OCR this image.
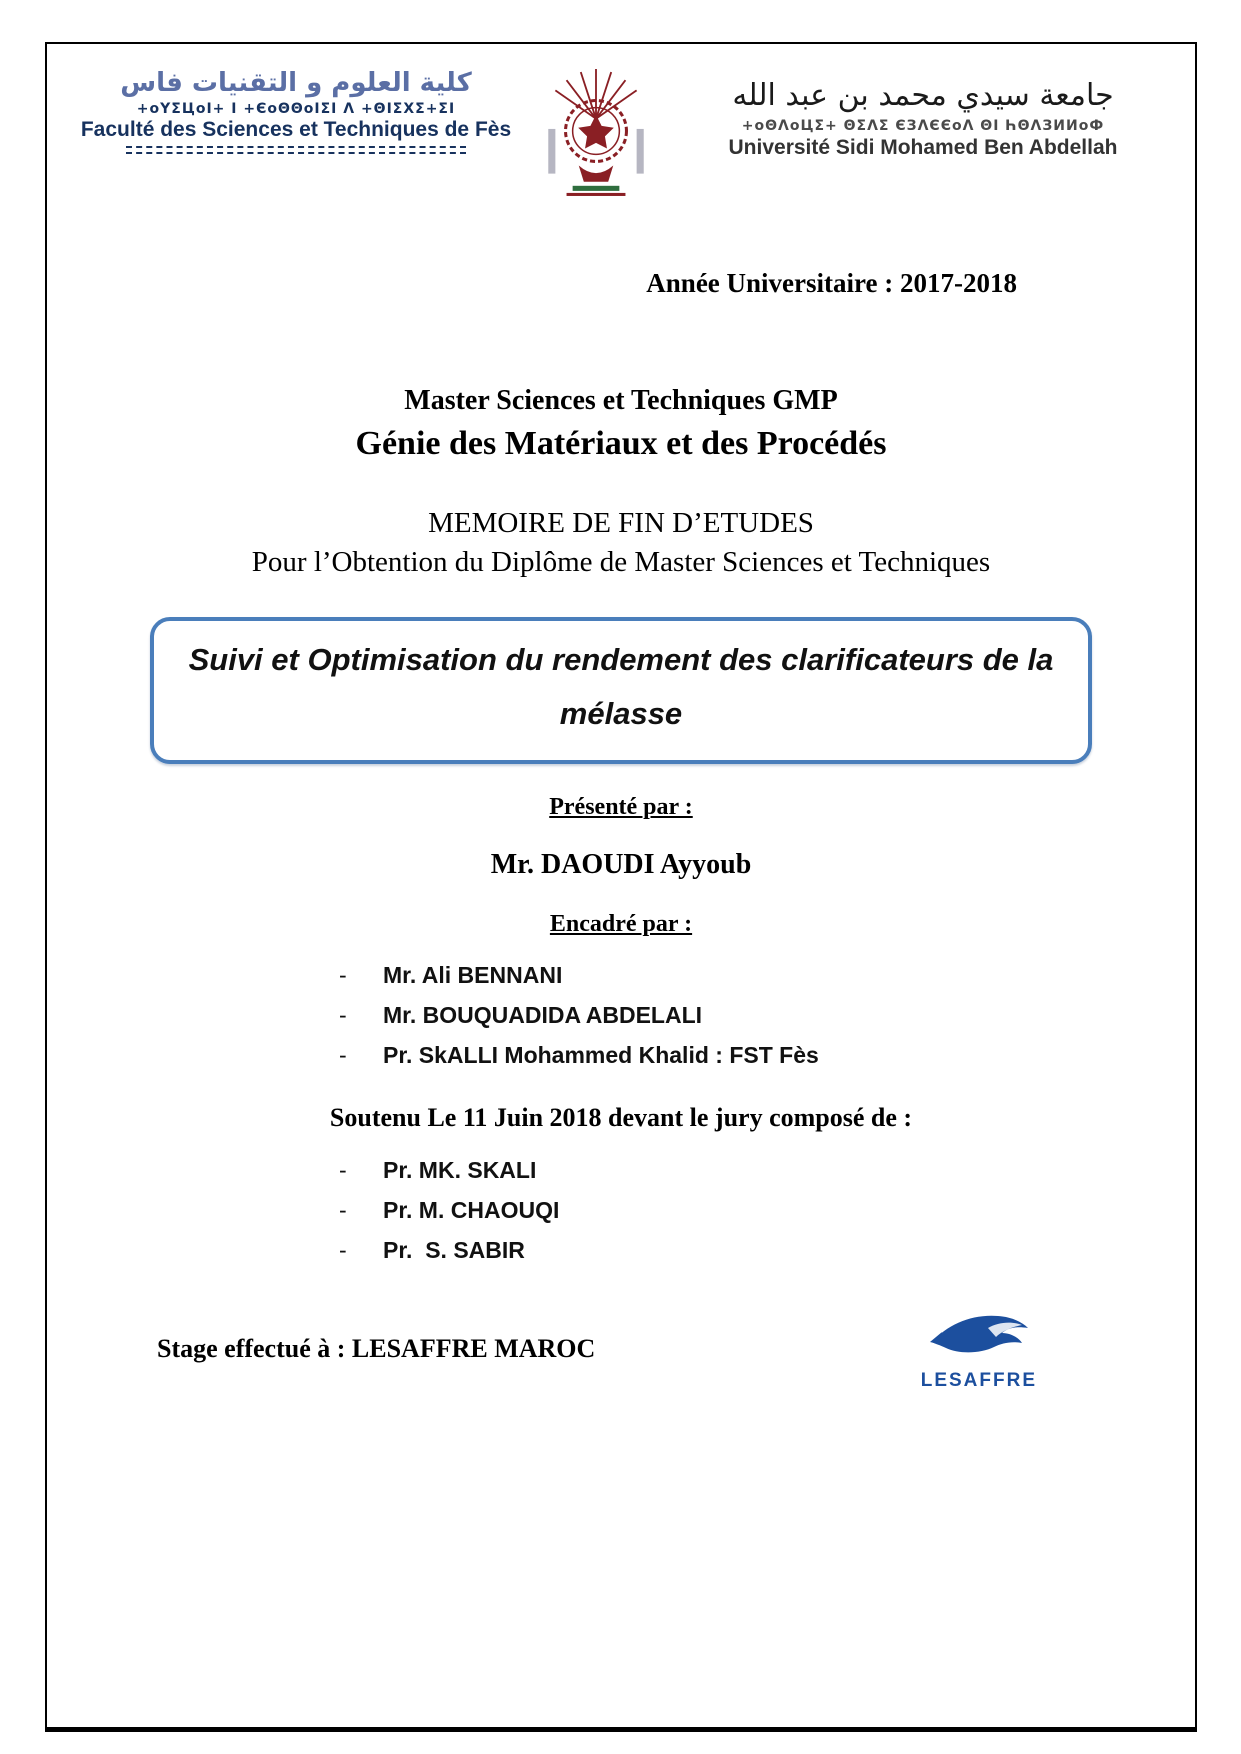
كلية العلوم و التقنيات فاس
+oYΣЦoI+ I +ЄoΘΘoIΣI Λ +ΘIΣXΣ+ΣI
Faculté des Sciences et Techniques de Fès
جامعة سيدي محمد بن عبد الله
+oΘΛoЦΣ+ ΘΣΛΣ ЄЗΛЄЄoΛ ΘI ҺΘΛЗИИoФ
Université Sidi Mohamed Ben Abdellah
Année Universitaire : 2017-2018
Master Sciences et Techniques GMP
Génie des Matériaux et des Procédés
MEMOIRE DE FIN D’ETUDES
Pour l’Obtention du Diplôme de Master Sciences et Techniques
Suivi et Optimisation du rendement des clarificateurs de la mélasse
Présenté par :
Mr. DAOUDI Ayyoub
Encadré par :
-	Mr. Ali BENNANI
-	Mr. BOUQUADIDA ABDELALI
-	Pr. SkALLI Mohammed Khalid : FST Fès
Soutenu Le 11 Juin 2018 devant le jury composé de :
-	Pr. MK. SKALI
-	Pr. M. CHAOUQI
-	Pr.  S. SABIR
Stage effectué à : LESAFFRE MAROC
LESAFFRE
